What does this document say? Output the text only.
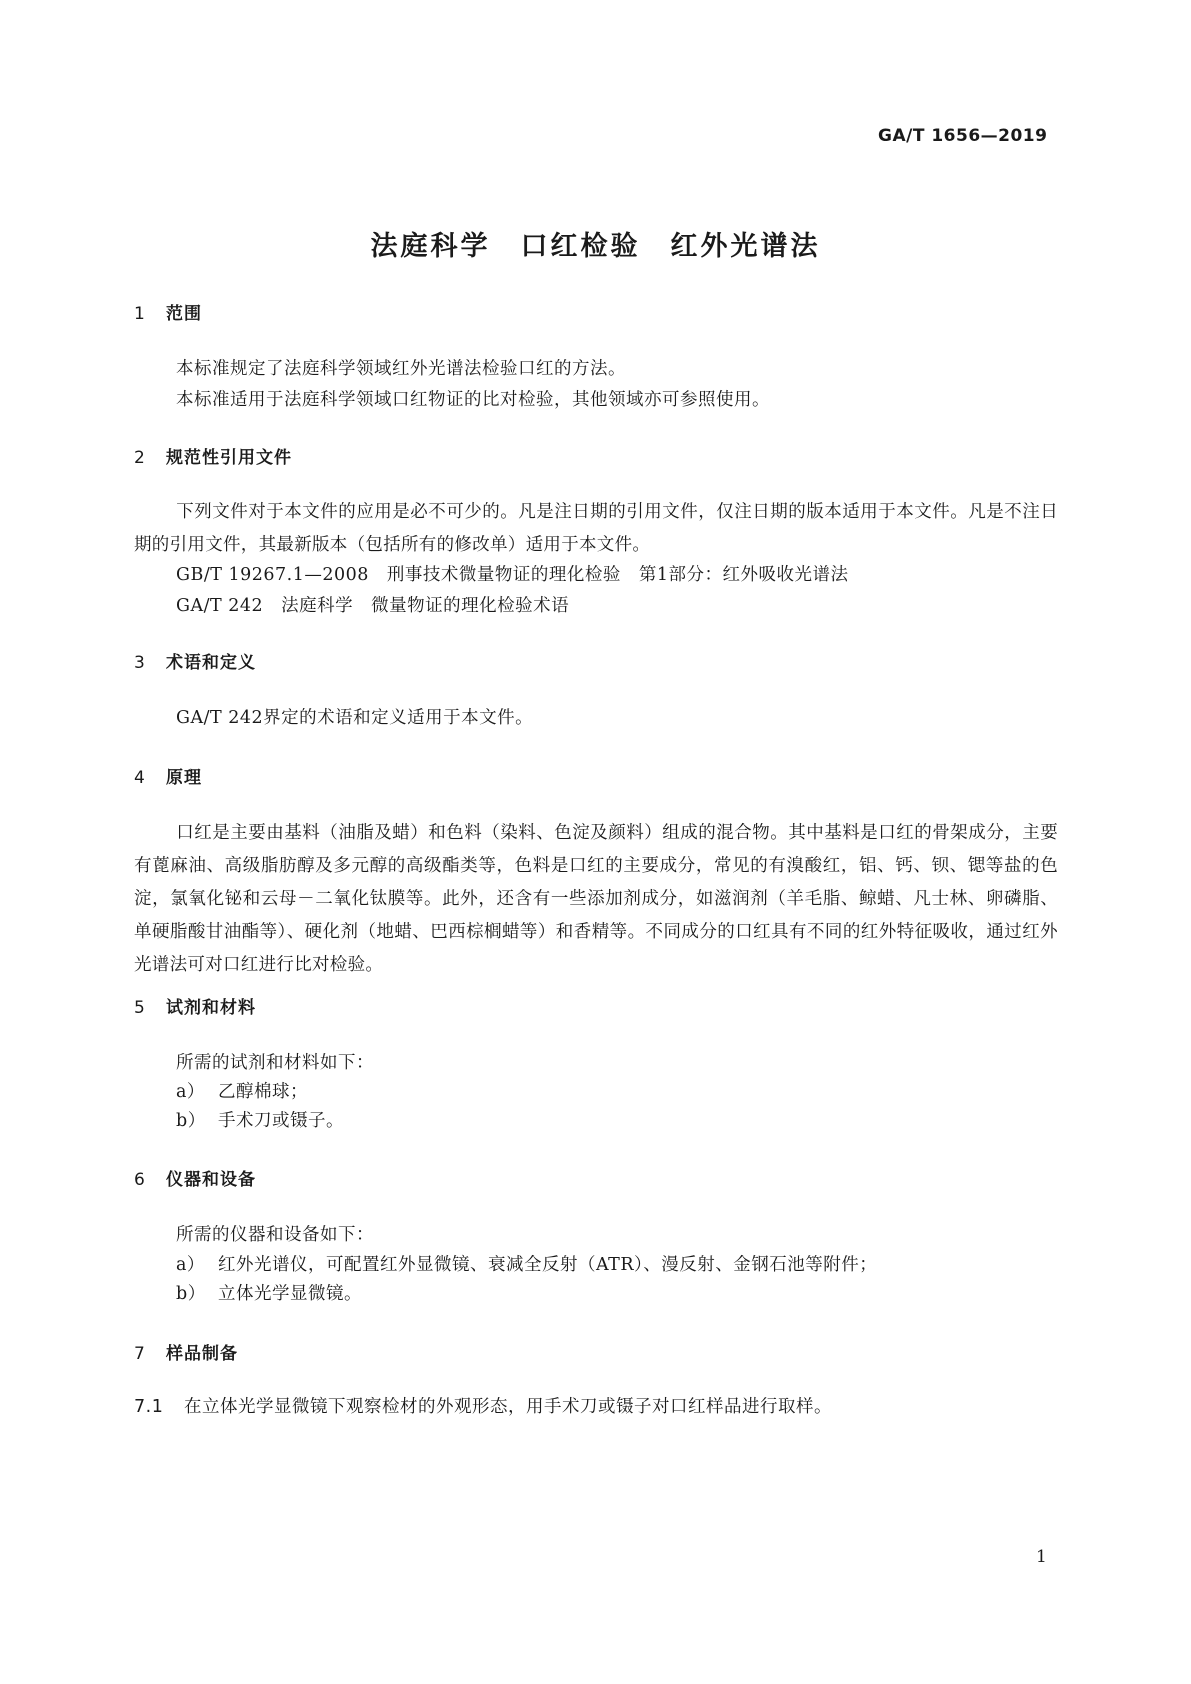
GA/T 1656—2019
法庭科学　口红检验　红外光谱法
1 范围
本标准规定了法庭科学领域红外光谱法检验口红的方法。
本标准适用于法庭科学领域口红物证的比对检验，其他领域亦可参照使用。
2 规范性引用文件
下列文件对于本文件的应用是必不可少的。凡是注日期的引用文件，仅注日期的版本适用于本文件。凡是不注日期的引用文件，其最新版本（包括所有的修改单）适用于本文件。
GB/T 19267.1—2008　刑事技术微量物证的理化检验　第1部分：红外吸收光谱法
GA/T 242　法庭科学　微量物证的理化检验术语
3 术语和定义
GA/T 242界定的术语和定义适用于本文件。
4 原理
口红是主要由基料（油脂及蜡）和色料（染料、色淀及颜料）组成的混合物。其中基料是口红的骨架成分，主要有蓖麻油、高级脂肪醇及多元醇的高级酯类等，色料是口红的主要成分，常见的有溴酸红，铝、钙、钡、锶等盐的色淀，氯氧化铋和云母－二氧化钛膜等。此外，还含有一些添加剂成分，如滋润剂（羊毛脂、鲸蜡、凡士林、卵磷脂、单硬脂酸甘油酯等）、硬化剂（地蜡、巴西棕榈蜡等）和香精等。不同成分的口红具有不同的红外特征吸收，通过红外光谱法可对口红进行比对检验。
5 试剂和材料
所需的试剂和材料如下：
a） 乙醇棉球；
b） 手术刀或镊子。
6 仪器和设备
所需的仪器和设备如下：
a） 红外光谱仪，可配置红外显微镜、衰减全反射（ATR）、漫反射、金钢石池等附件；
b） 立体光学显微镜。
7 样品制备
7.1 在立体光学显微镜下观察检材的外观形态，用手术刀或镊子对口红样品进行取样。
1
